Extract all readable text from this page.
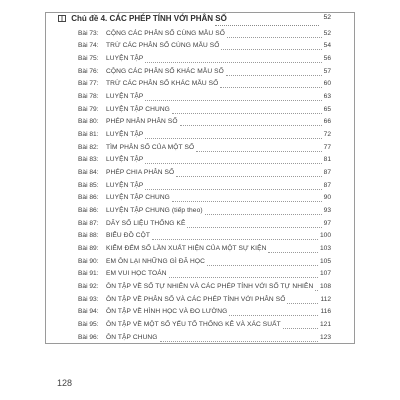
Chủ đề 4. CÁC PHÉP TÍNH VỚI PHÂN SỐ	52
Bài 73: CỘNG CÁC PHÂN SỐ CÙNG MẪU SỐ	52
Bài 74: TRỪ CÁC PHÂN SỐ CÙNG MẪU SỐ	54
Bài 75: LUYỆN TẬP	56
Bài 76: CỘNG CÁC PHÂN SỐ KHÁC MẪU SỐ	57
Bài 77: TRỪ CÁC PHÂN SỐ KHÁC MẪU SỐ	60
Bài 78: LUYỆN TẬP	63
Bài 79: LUYỆN TẬP CHUNG	65
Bài 80: PHÉP NHÂN PHÂN SỐ	66
Bài 81: LUYỆN TẬP	72
Bài 82: TÌM PHÂN SỐ CỦA MỘT SỐ	77
Bài 83: LUYỆN TẬP	81
Bài 84: PHÉP CHIA PHÂN SỐ	87
Bài 85: LUYỆN TẬP	87
Bài 86: LUYỆN TẬP CHUNG	90
Bài 86: LUYỆN TẬP CHUNG (tiếp theo)	93
Bài 87: DÃY SỐ LIỆU THỐNG KÊ	97
Bài 88: BIỂU ĐỒ CỘT	100
Bài 89: KIỂM ĐẾM SỐ LẦN XUẤT HIỆN CỦA MỘT SỰ KIỆN	103
Bài 90: EM ÔN LẠI NHỮNG GÌ ĐÃ HỌC	105
Bài 91: EM VUI HỌC TOÁN	107
Bài 92: ÔN TẬP VỀ SỐ TỰ NHIÊN VÀ CÁC PHÉP TÍNH VỚI SỐ TỰ NHIÊN 108
Bài 93: ÔN TẬP VỀ PHÂN SỐ VÀ CÁC PHÉP TÍNH VỚI PHÂN SỐ	112
Bài 94: ÔN TẬP VỀ HÌNH HỌC VÀ ĐO LƯỜNG	116
Bài 95: ÔN TẬP VỀ MỘT SỐ YẾU TỐ THỐNG KÊ VÀ XÁC SUẤT	121
Bài 96: ÔN TẬP CHUNG	123
128
